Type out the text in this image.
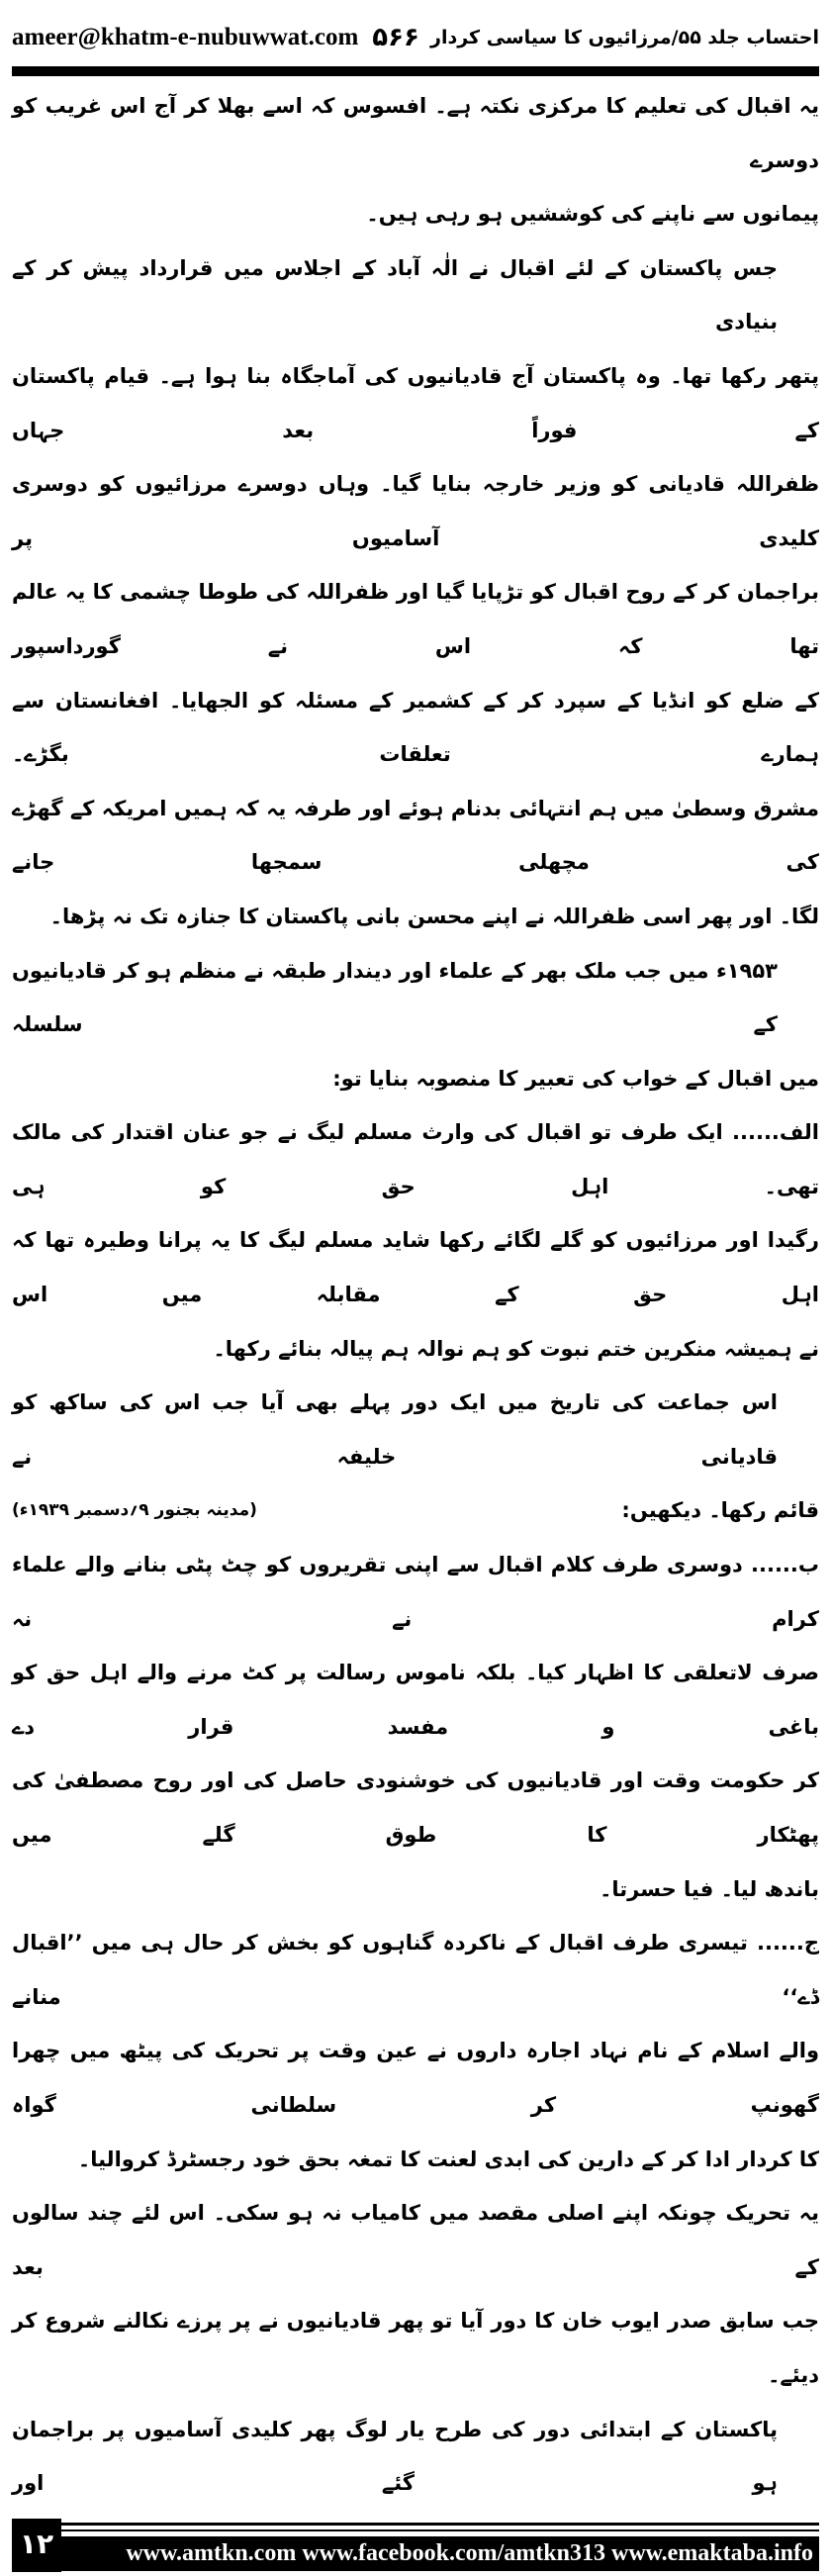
ameer@khatm-e-nubuwwat.com ۵۶۶ احتساب جلد ۵۵/مرزائیوں کا سیاسی کردار
یہ اقبال کی تعلیم کا مرکزی نکتہ ہے۔ افسوس کہ اسے بھلا کر آج اس غریب کو دوسرے
پیمانوں سے ناپنے کی کوششیں ہو رہی ہیں۔
جس پاکستان کے لئے اقبال نے الٰہ آباد کے اجلاس میں قرارداد پیش کر کے بنیادی
پتھر رکھا تھا۔ وہ پاکستان آج قادیانیوں کی آماجگاہ بنا ہوا ہے۔ قیام پاکستان کے فوراً بعد جہاں
ظفراللہ قادیانی کو وزیر خارجہ بنایا گیا۔ وہاں دوسرے مرزائیوں کو دوسری کلیدی آسامیوں پر
براجمان کر کے روح اقبال کو تڑپایا گیا اور ظفراللہ کی طوطا چشمی کا یہ عالم تھا کہ اس نے گورداسپور
کے ضلع کو انڈیا کے سپرد کر کے کشمیر کے مسئلہ کو الجھایا۔ افغانستان سے ہمارے تعلقات بگڑے۔
مشرق وسطیٰ میں ہم انتہائی بدنام ہوئے اور طرفہ یہ کہ ہمیں امریکہ کے گھڑے کی مچھلی سمجھا جانے
لگا۔ اور پھر اسی ظفراللہ نے اپنے محسن بانی پاکستان کا جنازہ تک نہ پڑھا۔
۱۹۵۳ء میں جب ملک بھر کے علماء اور دیندار طبقہ نے منظم ہو کر قادیانیوں کے سلسلہ
میں اقبال کے خواب کی تعبیر کا منصوبہ بنایا تو:
الف...... ایک طرف تو اقبال کی وارث مسلم لیگ نے جو عنان اقتدار کی مالک تھی۔ اہل حق کو ہی
رگیدا اور مرزائیوں کو گلے لگائے رکھا شاید مسلم لیگ کا یہ پرانا وطیرہ تھا کہ اہل حق کے مقابلہ میں اس
نے ہمیشہ منکرین ختم نبوت کو ہم نوالہ ہم پیالہ بنائے رکھا۔
اس جماعت کی تاریخ میں ایک دور پہلے بھی آیا جب اس کی ساکھ کو قادیانی خلیفہ نے
(مدینہ بجنور ۹؍دسمبر ۱۹۳۹ء)	قائم رکھا۔ دیکھیں:
ب...... دوسری طرف کلام اقبال سے اپنی تقریروں کو چٹ پٹی بنانے والے علماء کرام نے نہ
صرف لاتعلقی کا اظہار کیا۔ بلکہ ناموس رسالت پر کٹ مرنے والے اہل حق کو باغی و مفسد قرار دے
کر حکومت وقت اور قادیانیوں کی خوشنودی حاصل کی اور روح مصطفیٰ کی پھٹکار کا طوق گلے میں
باندھ لیا۔ فیا حسرتا۔
ج...... تیسری طرف اقبال کے ناکردہ گناہوں کو بخش کر حال ہی میں ’’اقبال ڈے‘‘ منانے
والے اسلام کے نام نہاد اجارہ داروں نے عین وقت پر تحریک کی پیٹھ میں چھرا گھونپ کر سلطانی گواہ
کا کردار ادا کر کے دارین کی ابدی لعنت کا تمغہ بحق خود رجسٹرڈ کروالیا۔
یہ تحریک چونکہ اپنے اصلی مقصد میں کامیاب نہ ہو سکی۔ اس لئے چند سالوں کے بعد
جب سابق صدر ایوب خان کا دور آیا تو پھر قادیانیوں نے پر پرزے نکالنے شروع کر دیئے۔
پاکستان کے ابتدائی دور کی طرح یار لوگ پھر کلیدی آسامیوں پر براجمان ہو گئے اور
۱۲	www.amtkn.com www.facebook.com/amtkn313 www.emaktaba.info
